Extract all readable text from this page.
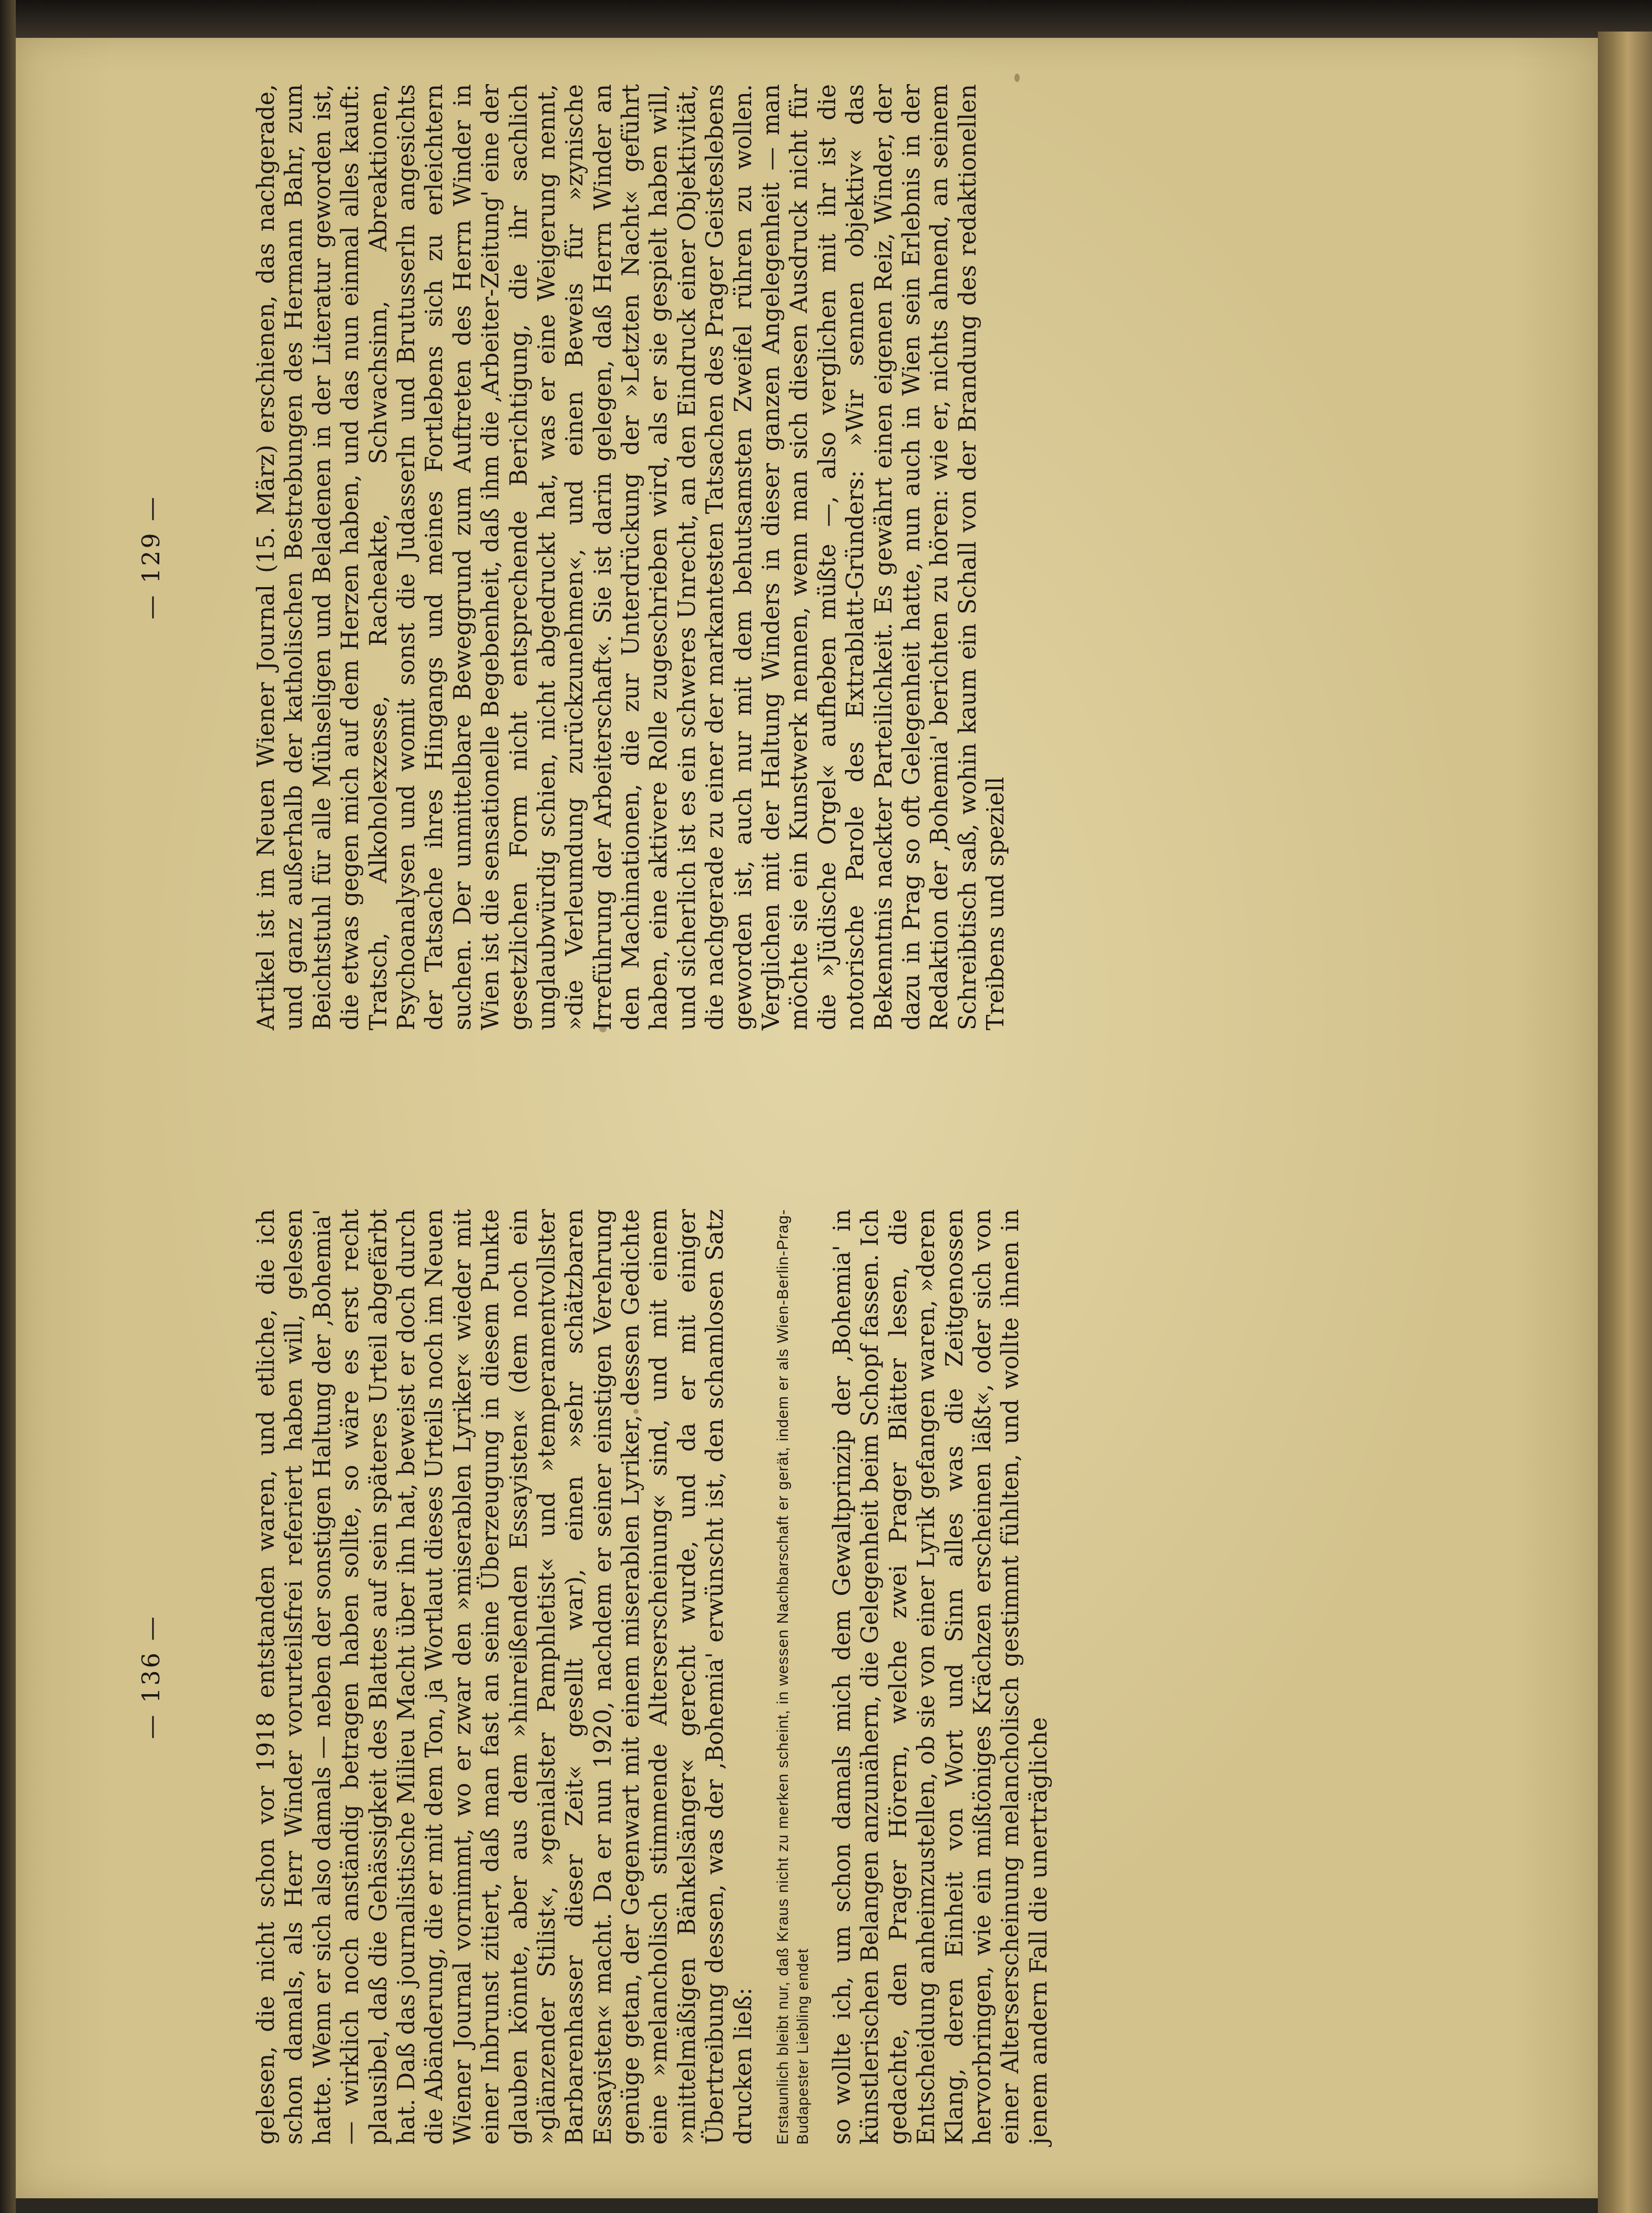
— 136 —	gelesen, die nicht schon vor 1918 entstanden waren, und etliche, die ich schon damals, als Herr Winder vorurteilsfrei referiert haben will, gelesen hatte. Wenn er sich also damals — neben der sonstigen Haltung der ‚Bohemia' — wirklich noch anständig betragen haben sollte, so wäre es erst recht plausibel, daß die Gehässigkeit des Blattes auf sein späteres Urteil abgefärbt hat. Daß das journalistische Milieu Macht über ihn hat, beweist er doch durch die Abänderung, die er mit dem Ton, ja Wortlaut dieses Urteils noch im Neuen Wiener Journal vornimmt, wo er zwar den »miserablen Lyriker« wieder mit einer Inbrunst zitiert, daß man fast an seine Überzeugung in diesem Punkte glauben könnte, aber aus dem »hinreißenden Essayisten« (dem noch ein »glänzender Stilist«, »genialster Pamphletist« und »temperamentvollster Barbarenhasser dieser Zeit« gesellt war), einen »sehr schätzbaren Essayisten« macht. Da er nun 1920, nachdem er seiner einstigen Verehrung genüge getan, der Gegenwart mit einem miserablen Lyriker, dessen Gedichte eine »melancholisch stimmende Alterserscheinung« sind, und mit einem »mittelmäßigen Bänkelsänger« gerecht wurde, und da er mit einiger Übertreibung dessen, was der ‚Bohemia' erwünscht ist, den schamlosen Satz drucken ließ: Erstaunlich bleibt nur, daß Kraus nicht zu merken scheint, in wessen Nachbarschaft er gerät, indem er als Wien-Berlin-Prag-Budapester Liebling endet so wollte ich, um schon damals mich dem Gewaltprinzip der ‚Bohemia' in künstlerischen Belangen anzunähern, die Gelegenheit beim Schopf fassen. Ich gedachte, den Prager Hörern, welche zwei Prager Blätter lesen, die Entscheidung anheimzustellen, ob sie von einer Lyrik gefangen waren, »deren Klang, deren Einheit von Wort und Sinn alles was die Zeitgenossen hervorbringen, wie ein mißtöniges Krächzen erscheinen läßt«, oder sich von einer Alterserscheinung melancholisch gestimmt fühlten, und wollte ihnen in jenem andern Fall die unerträgliche

— 129 —	Artikel ist im Neuen Wiener Journal (15. März) erschienen, das nachgerade, und ganz außerhalb der katholischen Bestrebungen des Hermann Bahr, zum Beichtstuhl für alle Mühseligen und Beladenen in der Literatur geworden ist, die etwas gegen mich auf dem Herzen haben, und das nun einmal alles kauft: Tratsch, Alkoholexzesse, Racheakte, Schwachsinn, Abreaktionen, Psychoanalysen und womit sonst die Judasserln und Brutusserln angesichts der Tatsache ihres Hingangs und meines Fortlebens sich zu erleichtern suchen. Der unmittelbare Beweggrund zum Auftreten des Herrn Winder in Wien ist die sensationelle Begebenheit, daß ihm die ‚Arbeiter-Zeitung' eine der gesetzlichen Form nicht entsprechende Berichtigung, die ihr sachlich unglaubwürdig schien, nicht abgedruckt hat, was er eine Weigerung nennt, »die Verleumdung zurückzunehmen«, und einen Beweis für »zynische Irreführung der Arbeiterschaft«. Sie ist darin gelegen, daß Herrn Winder an den Machinationen, die zur Unterdrückung der »Letzten Nacht« geführt haben, eine aktivere Rolle zugeschrieben wird, als er sie gespielt haben will, und sicherlich ist es ein schweres Unrecht, an den Eindruck einer Objektivität, die nachgerade zu einer der markantesten Tatsachen des Prager Geisteslebens geworden ist, auch nur mit dem behutsamsten Zweifel rühren zu wollen. Verglichen mit der Haltung Winders in dieser ganzen Angelegenheit — man möchte sie ein Kunstwerk nennen, wenn man sich diesen Ausdruck nicht für die »Jüdische Orgel« aufheben müßte —, also verglichen mit ihr ist die notorische Parole des Extrablatt-Gründers: »Wir sennen objektiv« das Bekenntnis nackter Parteilichkeit. Es gewährt einen eigenen Reiz, Winder, der dazu in Prag so oft Gelegenheit hatte, nun auch in Wien sein Erlebnis in der Redaktion der ‚Bohemia' berichten zu hören: wie er, nichts ahnend, an seinem Schreibtisch saß, wohin kaum ein Schall von der Brandung des redaktionellen Treibens und speziell
